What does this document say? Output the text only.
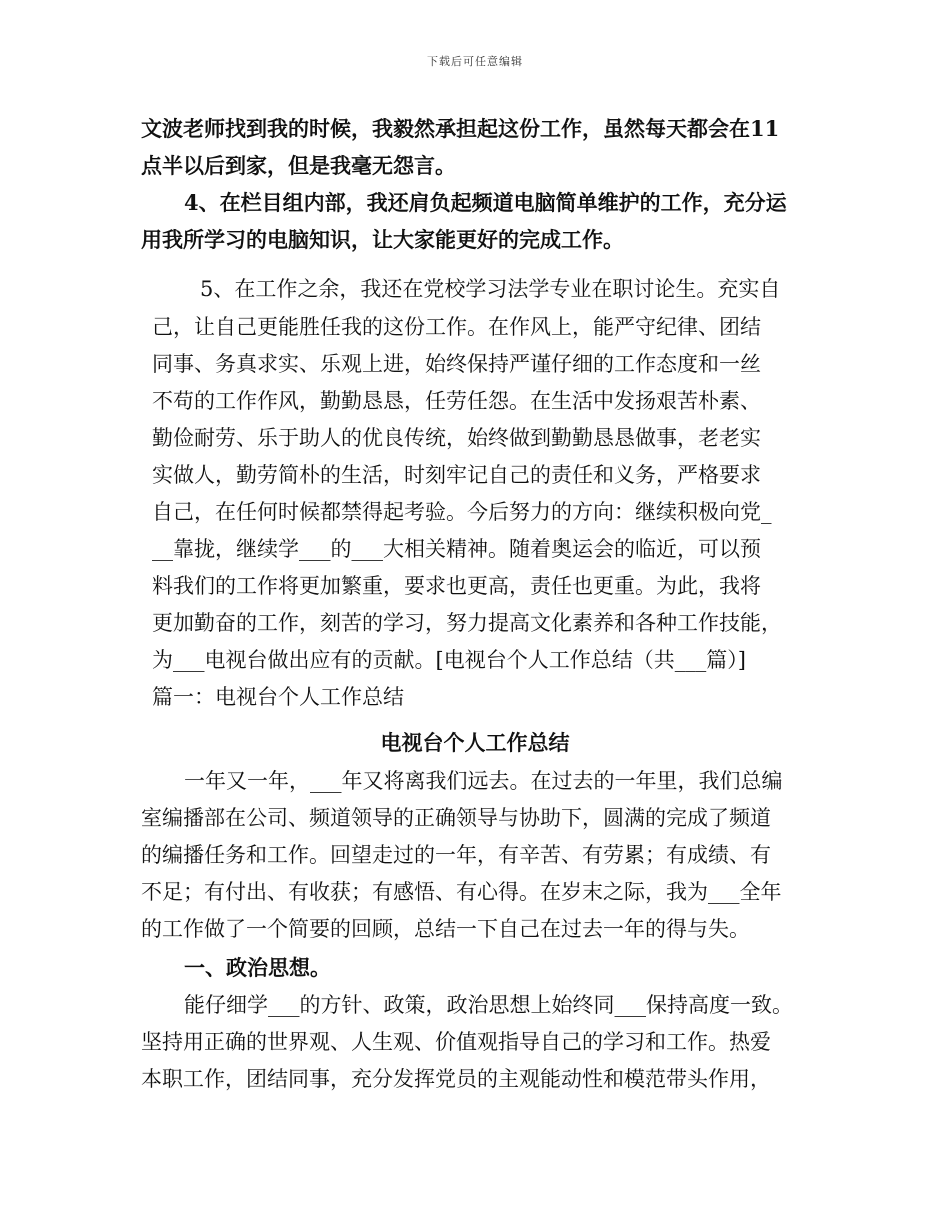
下载后可任意编辑
文波老师找到我的时候，我毅然承担起这份工作，虽然每天都会在11
点半以后到家，但是我毫无怨言。
4、在栏目组内部，我还肩负起频道电脑简单维护的工作，充分运
用我所学习的电脑知识，让大家能更好的完成工作。
5、在工作之余，我还在党校学习法学专业在职讨论生。充实自
己，让自己更能胜任我的这份工作。在作风上，能严守纪律、团结
同事、务真求实、乐观上进，始终保持严谨仔细的工作态度和一丝
不苟的工作作风，勤勤恳恳，任劳任怨。在生活中发扬艰苦朴素、
勤俭耐劳、乐于助人的优良传统，始终做到勤勤恳恳做事，老老实
实做人，勤劳简朴的生活，时刻牢记自己的责任和义务，严格要求
自己，在任何时候都禁得起考验。今后努力的方向：继续积极向党_
__靠拢，继续学___的___大相关精神。随着奥运会的临近，可以预
料我们的工作将更加繁重，要求也更高，责任也更重。为此，我将
更加勤奋的工作，刻苦的学习，努力提高文化素养和各种工作技能，
为___电视台做出应有的贡献。[电视台个人工作总结（共___篇）]
篇一：电视台个人工作总结
电视台个人工作总结
一年又一年，___年又将离我们远去。在过去的一年里，我们总编
室编播部在公司、频道领导的正确领导与协助下，圆满的完成了频道
的编播任务和工作。回望走过的一年，有辛苦、有劳累；有成绩、有
不足；有付出、有收获；有感悟、有心得。在岁末之际，我为___全年
的工作做了一个简要的回顾，总结一下自己在过去一年的得与失。
一、政治思想。
能仔细学___的方针、政策，政治思想上始终同___保持高度一致。
坚持用正确的世界观、人生观、价值观指导自己的学习和工作。热爱
本职工作，团结同事，充分发挥党员的主观能动性和模范带头作用，
